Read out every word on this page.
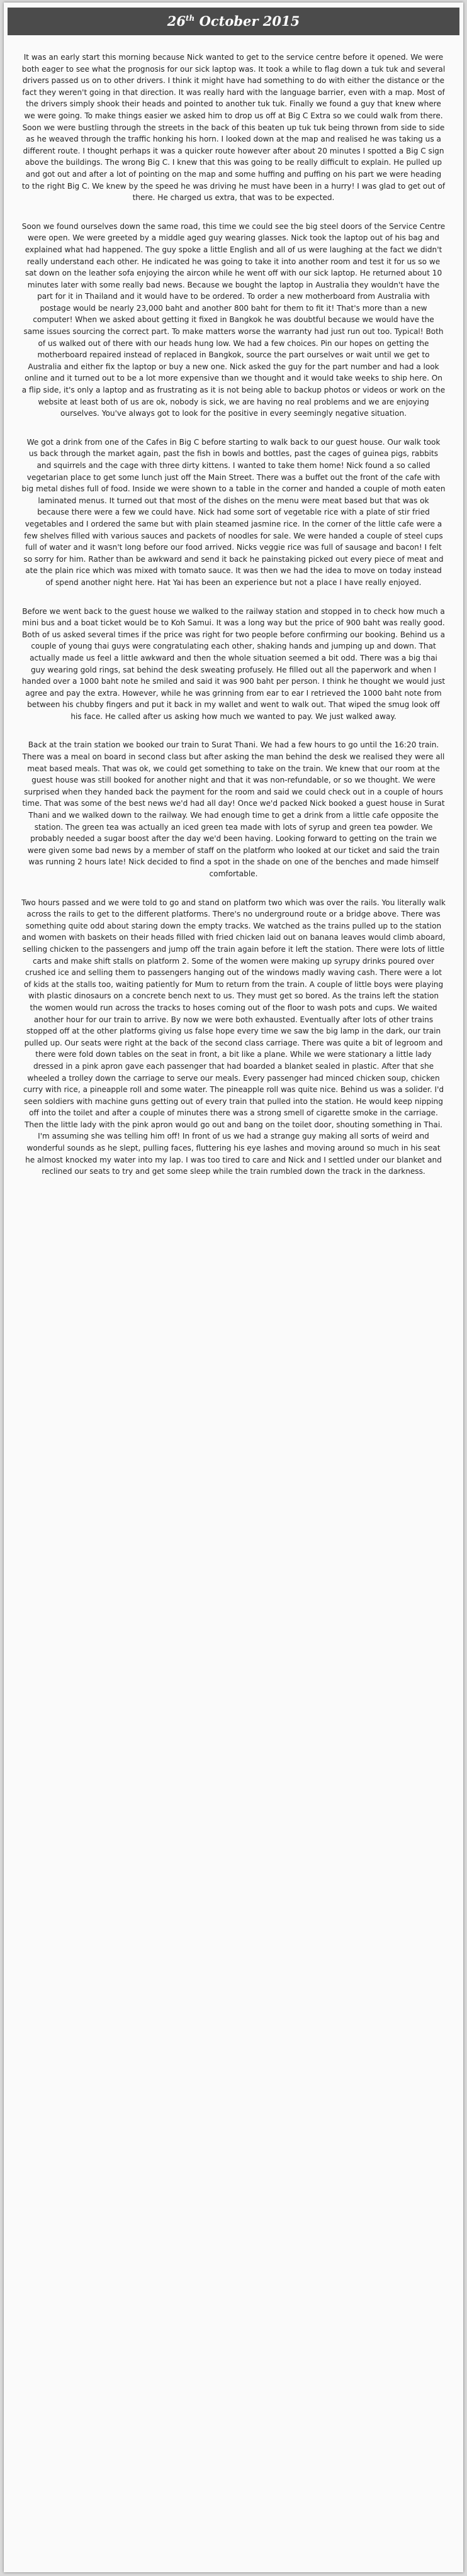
26th October 2015

It was an early start this morning because Nick wanted to get to the service centre before it opened. We were both eager to see what the prognosis for our sick laptop was. It took a while to flag down a tuk tuk and several drivers passed us on to other drivers. I think it might have had something to do with either the distance or the fact they weren't going in that direction. It was really hard with the language barrier, even with a map. Most of the drivers simply shook their heads and pointed to another tuk tuk. Finally we found a guy that knew where we were going. To make things easier we asked him to drop us off at Big C Extra so we could walk from there. Soon we were bustling through the streets in the back of this beaten up tuk tuk being thrown from side to side as he weaved through the traffic honking his horn. I looked down at the map and realised he was taking us a different route. I thought perhaps it was a quicker route however after about 20 minutes I spotted a Big C sign above the buildings. The wrong Big C. I knew that this was going to be really difficult to explain. He pulled up and got out and after a lot of pointing on the map and some huffing and puffing on his part we were heading to the right Big C. We knew by the speed he was driving he must have been in a hurry! I was glad to get out of there. He charged us extra, that was to be expected.

Soon we found ourselves down the same road, this time we could see the big steel doors of the Service Centre were open. We were greeted by a middle aged guy wearing glasses. Nick took the laptop out of his bag and explained what had happened. The guy spoke a little English and all of us were laughing at the fact we didn't really understand each other. He indicated he was going to take it into another room and test it for us so we sat down on the leather sofa enjoying the aircon while he went off with our sick laptop. He returned about 10 minutes later with some really bad news. Because we bought the laptop in Australia they wouldn't have the part for it in Thailand and it would have to be ordered. To order a new motherboard from Australia with postage would be nearly 23,000 baht and another 800 baht for them to fit it! That's more than a new computer! When we asked about getting it fixed in Bangkok he was doubtful because we would have the same issues sourcing the correct part. To make matters worse the warranty had just run out too. Typical! Both of us walked out of there with our heads hung low. We had a few choices. Pin our hopes on getting the motherboard repaired instead of replaced in Bangkok, source the part ourselves or wait until we get to Australia and either fix the laptop or buy a new one. Nick asked the guy for the part number and had a look online and it turned out to be a lot more expensive than we thought and it would take weeks to ship here. On a flip side, it's only a laptop and as frustrating as it is not being able to backup photos or videos or work on the website at least both of us are ok, nobody is sick, we are having no real problems and we are enjoying ourselves. You've always got to look for the positive in every seemingly negative situation.

We got a drink from one of the Cafes in Big C before starting to walk back to our guest house. Our walk took us back through the market again, past the fish in bowls and bottles, past the cages of guinea pigs, rabbits and squirrels and the cage with three dirty kittens. I wanted to take them home! Nick found a so called vegetarian place to get some lunch just off the Main Street. There was a buffet out the front of the cafe with big metal dishes full of food. Inside we were shown to a table in the corner and handed a couple of moth eaten laminated menus. It turned out that most of the dishes on the menu were meat based but that was ok because there were a few we could have. Nick had some sort of vegetable rice with a plate of stir fried vegetables and I ordered the same but with plain steamed jasmine rice. In the corner of the little cafe were a few shelves filled with various sauces and packets of noodles for sale. We were handed a couple of steel cups full of water and it wasn't long before our food arrived. Nicks veggie rice was full of sausage and bacon! I felt so sorry for him. Rather than be awkward and send it back he painstaking picked out every piece of meat and ate the plain rice which was mixed with tomato sauce. It was then we had the idea to move on today instead of spend another night here. Hat Yai has been an experience but not a place I have really enjoyed.

Before we went back to the guest house we walked to the railway station and stopped in to check how much a mini bus and a boat ticket would be to Koh Samui. It was a long way but the price of 900 baht was really good. Both of us asked several times if the price was right for two people before confirming our booking. Behind us a couple of young thai guys were congratulating each other, shaking hands and jumping up and down. That actually made us feel a little awkward and then the whole situation seemed a bit odd. There was a big thai guy wearing gold rings, sat behind the desk sweating profusely. He filled out all the paperwork and when I handed over a 1000 baht note he smiled and said it was 900 baht per person. I think he thought we would just agree and pay the extra. However, while he was grinning from ear to ear I retrieved the 1000 baht note from between his chubby fingers and put it back in my wallet and went to walk out. That wiped the smug look off his face. He called after us asking how much we wanted to pay. We just walked away.

Back at the train station we booked our train to Surat Thani. We had a few hours to go until the 16:20 train. There was a meal on board in second class but after asking the man behind the desk we realised they were all meat based meals. That was ok, we could get something to take on the train. We knew that our room at the guest house was still booked for another night and that it was non-refundable, or so we thought. We were surprised when they handed back the payment for the room and said we could check out in a couple of hours time. That was some of the best news we'd had all day! Once we'd packed Nick booked a guest house in Surat Thani and we walked down to the railway. We had enough time to get a drink from a little cafe opposite the station. The green tea was actually an iced green tea made with lots of syrup and green tea powder. We probably needed a sugar boost after the day we'd been having. Looking forward to getting on the train we were given some bad news by a member of staff on the platform who looked at our ticket and said the train was running 2 hours late! Nick decided to find a spot in the shade on one of the benches and made himself comfortable.

Two hours passed and we were told to go and stand on platform two which was over the rails. You literally walk across the rails to get to the different platforms. There's no underground route or a bridge above. There was something quite odd about staring down the empty tracks. We watched as the trains pulled up to the station and women with baskets on their heads filled with fried chicken laid out on banana leaves would climb aboard, selling chicken to the passengers and jump off the train again before it left the station. There were lots of little carts and make shift stalls on platform 2. Some of the women were making up syrupy drinks poured over crushed ice and selling them to passengers hanging out of the windows madly waving cash. There were a lot of kids at the stalls too, waiting patiently for Mum to return from the train. A couple of little boys were playing with plastic dinosaurs on a concrete bench next to us. They must get so bored. As the trains left the station the women would run across the tracks to hoses coming out of the floor to wash pots and cups. We waited another hour for our train to arrive. By now we were both exhausted. Eventually after lots of other trains stopped off at the other platforms giving us false hope every time we saw the big lamp in the dark, our train pulled up. Our seats were right at the back of the second class carriage. There was quite a bit of legroom and there were fold down tables on the seat in front, a bit like a plane. While we were stationary a little lady dressed in a pink apron gave each passenger that had boarded a blanket sealed in plastic. After that she wheeled a trolley down the carriage to serve our meals. Every passenger had minced chicken soup, chicken curry with rice, a pineapple roll and some water. The pineapple roll was quite nice. Behind us was a solider. I'd seen soldiers with machine guns getting out of every train that pulled into the station. He would keep nipping off into the toilet and after a couple of minutes there was a strong smell of cigarette smoke in the carriage. Then the little lady with the pink apron would go out and bang on the toilet door, shouting something in Thai. I'm assuming she was telling him off! In front of us we had a strange guy making all sorts of weird and wonderful sounds as he slept, pulling faces, fluttering his eye lashes and moving around so much in his seat he almost knocked my water into my lap. I was too tired to care and Nick and I settled under our blanket and reclined our seats to try and get some sleep while the train rumbled down the track in the darkness.
